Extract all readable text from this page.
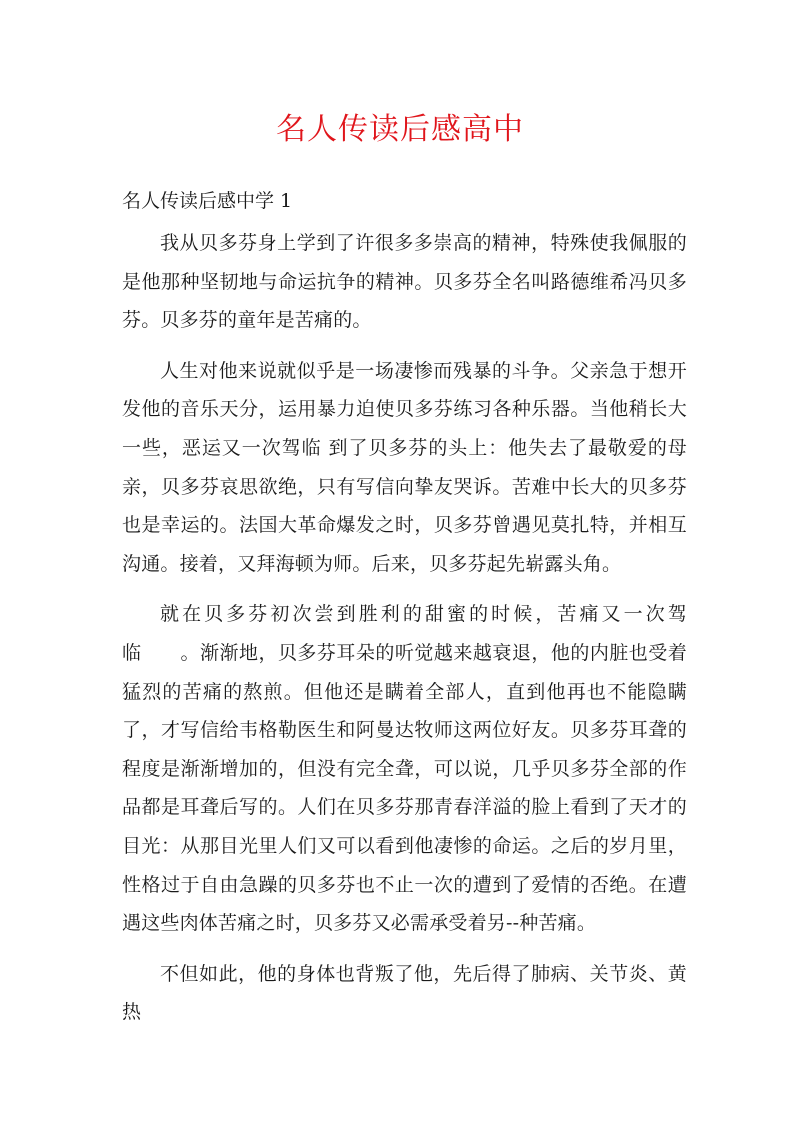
名人传读后感高中
名人传读后感中学 1

我从贝多芬身上学到了许很多多崇高的精神，特殊使我佩服的是他那种坚韧地与命运抗争的精神。贝多芬全名叫路德维希冯贝多芬。贝多芬的童年是苦痛的。

人生对他来说就似乎是一场凄惨而残暴的斗争。父亲急于想开发他的音乐天分，运用暴力迫使贝多芬练习各种乐器。当他稍长大一些，恶运又一次驾临 到了贝多芬的头上：他失去了最敬爱的母亲，贝多芬哀思欲绝，只有写信向挚友哭诉。苦难中长大的贝多芬也是幸运的。法国大革命爆发之时，贝多芬曾遇见莫扎特，并相互沟通。接着，又拜海顿为师。后来，贝多芬起先崭露头角。

就在贝多芬初次尝到胜利的甜蜜的时候，苦痛又一次驾临　　。渐渐地，贝多芬耳朵的听觉越来越衰退，他的内脏也受着猛烈的苦痛的熬煎。但他还是瞒着全部人，直到他再也不能隐瞒了，才写信给韦格勒医生和阿曼达牧师这两位好友。贝多芬耳聋的程度是渐渐增加的，但没有完全聋，可以说，几乎贝多芬全部的作品都是耳聋后写的。人们在贝多芬那青春洋溢的脸上看到了天才的目光：从那目光里人们又可以看到他凄惨的命运。之后的岁月里，性格过于自由急躁的贝多芬也不止一次的遭到了爱情的否绝。在遭遇这些肉体苦痛之时，贝多芬又必需承受着另--种苦痛。

不但如此，他的身体也背叛了他，先后得了肺病、关节炎、黄热
